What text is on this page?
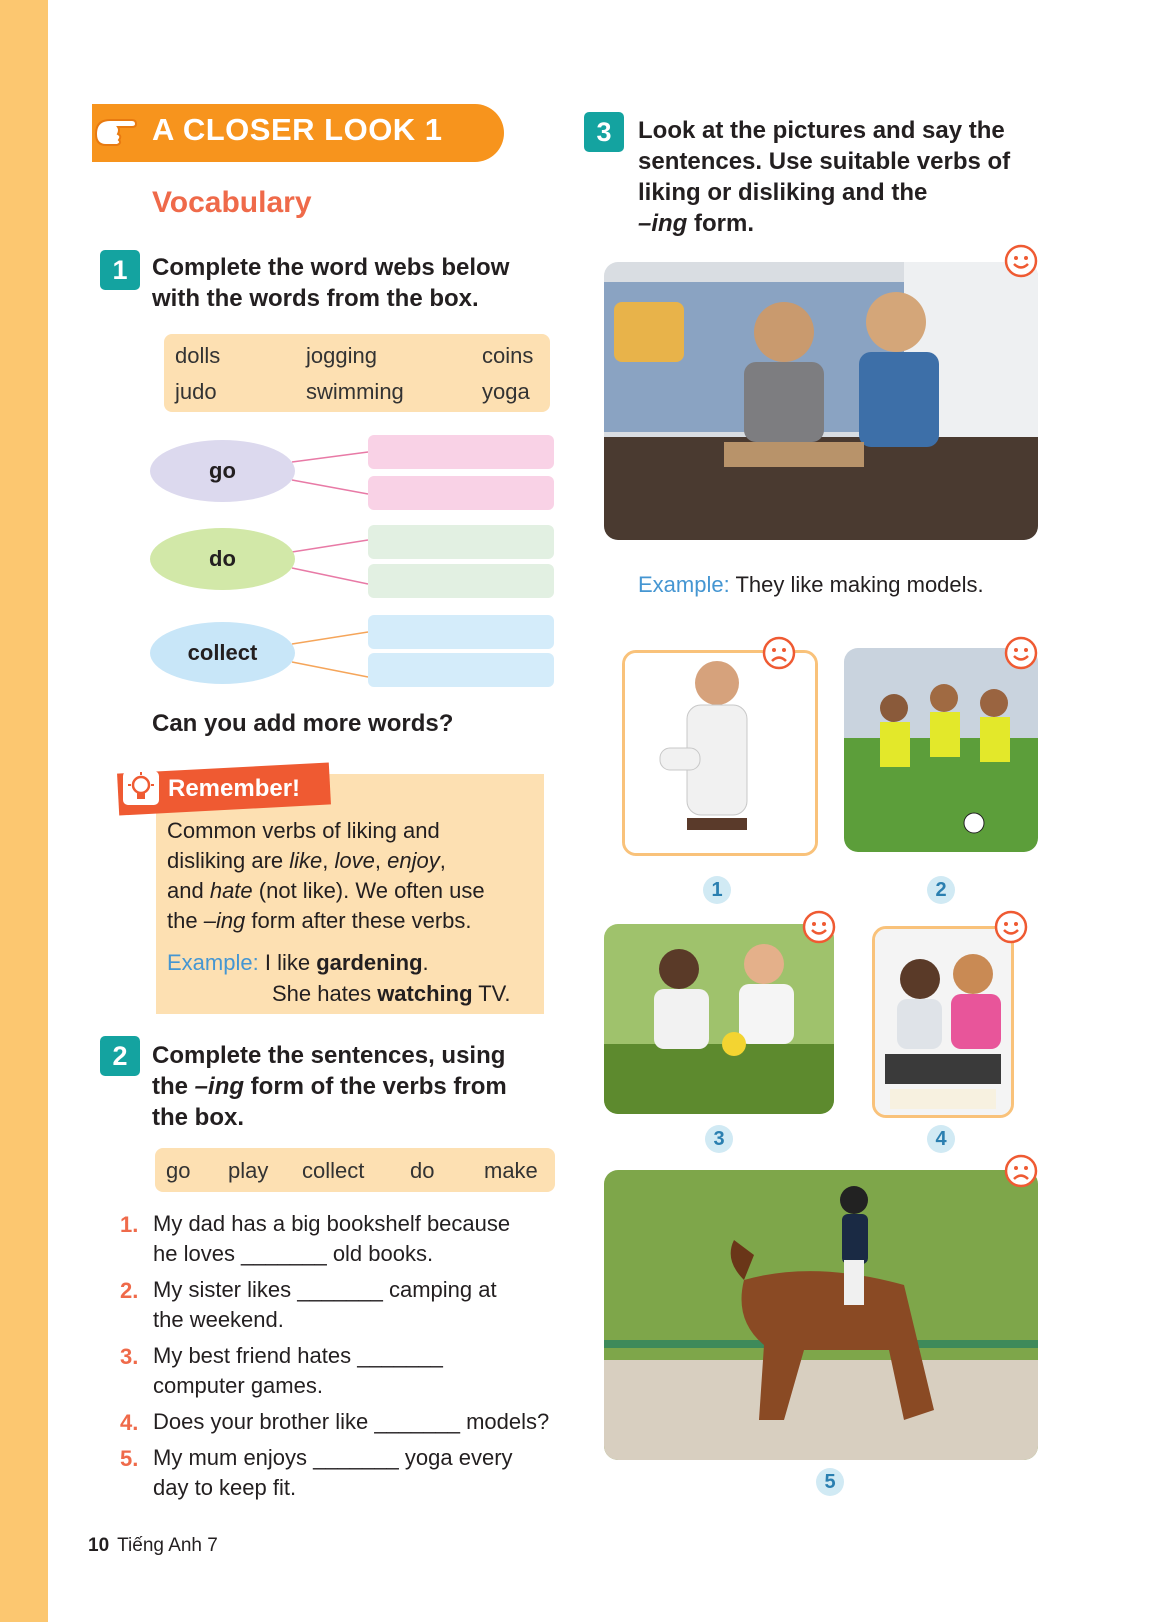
A CLOSER LOOK 1
Vocabulary
1	Complete the word webs below with the words from the box.
dolls	jogging	coins
judo	swimming	yoga
go
do
collect
Can you add more words?
Remember!
Common verbs of liking and
disliking are like, love, enjoy,
and hate (not like). We often use
the –ing form after these verbs.
Example: I like gardening.
She hates watching TV.
2	Complete the sentences, using
the –ing form of the verbs from
the box.
go play collect do make
1. My dad has a big bookshelf because
he loves _______ old books.
2. My sister likes _______ camping at
the weekend.
3. My best friend hates _______
computer games.
4. Does your brother like _______ models?
5. My mum enjoys _______ yoga every
day to keep fit.
3	Look at the pictures and say the
sentences. Use suitable verbs of
liking or disliking and the
–ing form.
Example: They like making models.
1	2
3	4
5
10 Tiếng Anh 7
